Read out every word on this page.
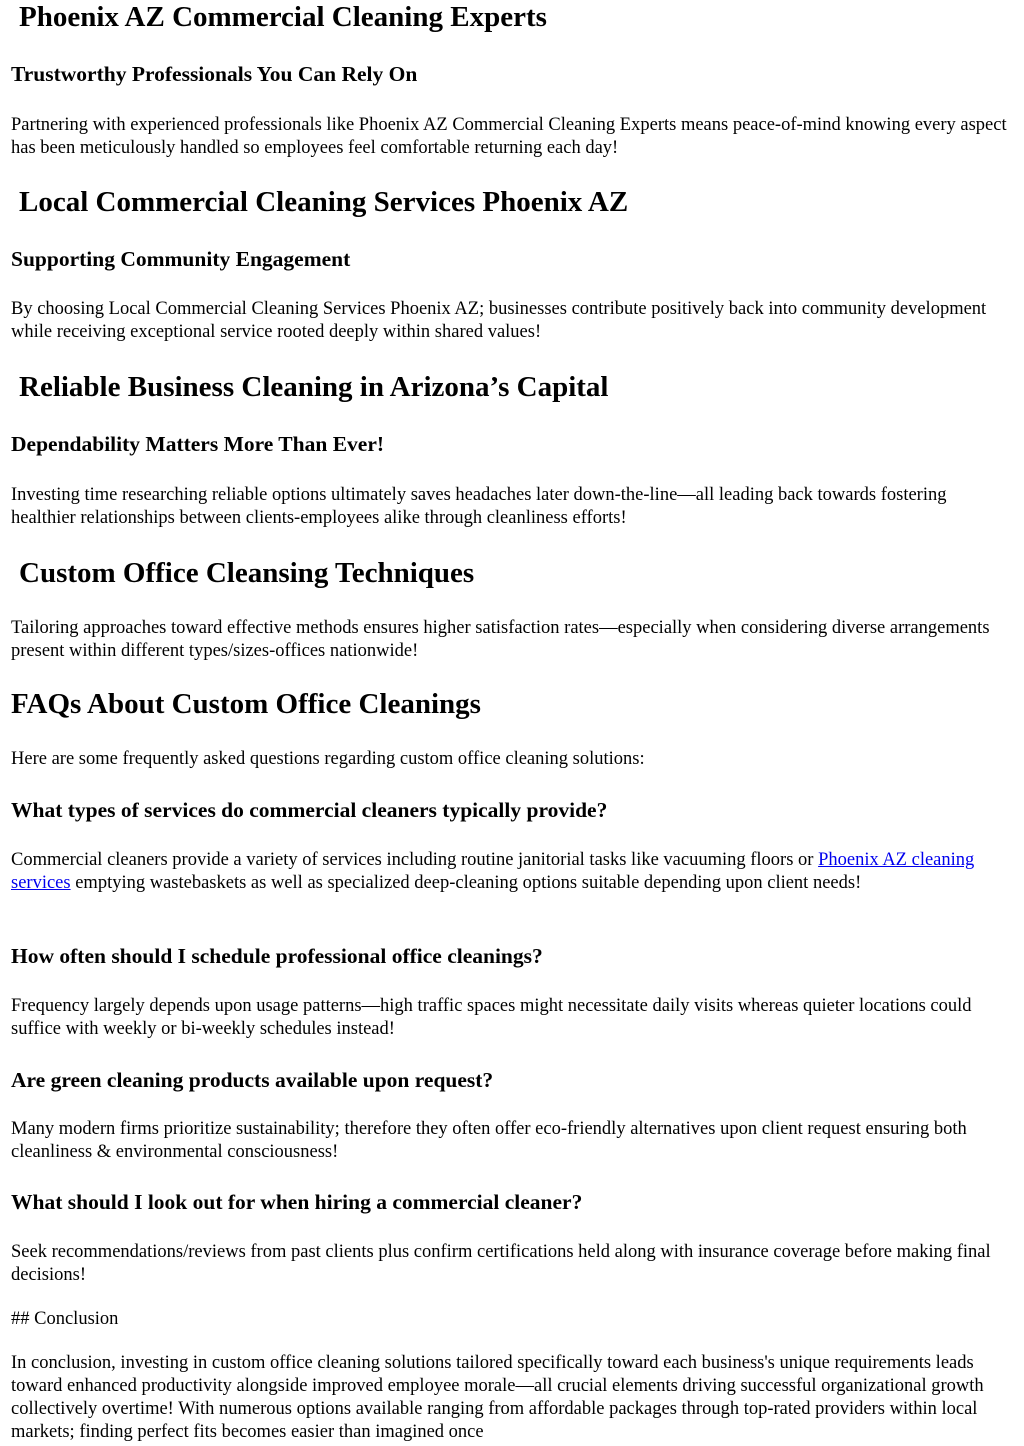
Phoenix AZ Commercial Cleaning Experts
Trustworthy Professionals You Can Rely On

Partnering with experienced professionals like Phoenix AZ Commercial Cleaning Experts means peace-of-mind knowing every aspect has been meticulously handled so employees feel comfortable returning each day!

Local Commercial Cleaning Services Phoenix AZ
Supporting Community Engagement

By choosing Local Commercial Cleaning Services Phoenix AZ; businesses contribute positively back into community development while receiving exceptional service rooted deeply within shared values!

Reliable Business Cleaning in Arizona’s Capital
Dependability Matters More Than Ever!

Investing time researching reliable options ultimately saves headaches later down-the-line—all leading back towards fostering healthier relationships between clients-employees alike through cleanliness efforts!

Custom Office Cleansing Techniques

Tailoring approaches toward effective methods ensures higher satisfaction rates—especially when considering diverse arrangements present within different types/sizes-offices nationwide!

FAQs About Custom Office Cleanings

Here are some frequently asked questions regarding custom office cleaning solutions:

What types of services do commercial cleaners typically provide?

Commercial cleaners provide a variety of services including routine janitorial tasks like vacuuming floors or Phoenix AZ cleaning services emptying wastebaskets as well as specialized deep-cleaning options suitable depending upon client needs!

How often should I schedule professional office cleanings?

Frequency largely depends upon usage patterns—high traffic spaces might necessitate daily visits whereas quieter locations could suffice with weekly or bi-weekly schedules instead!

Are green cleaning products available upon request?

Many modern firms prioritize sustainability; therefore they often offer eco-friendly alternatives upon client request ensuring both cleanliness & environmental consciousness!

What should I look out for when hiring a commercial cleaner?

Seek recommendations/reviews from past clients plus confirm certifications held along with insurance coverage before making final decisions!

## Conclusion

In conclusion, investing in custom office cleaning solutions tailored specifically toward each business's unique requirements leads toward enhanced productivity alongside improved employee morale—all crucial elements driving successful organizational growth collectively overtime! With numerous options available ranging from affordable packages through top-rated providers within local markets; finding perfect fits becomes easier than imagined once
